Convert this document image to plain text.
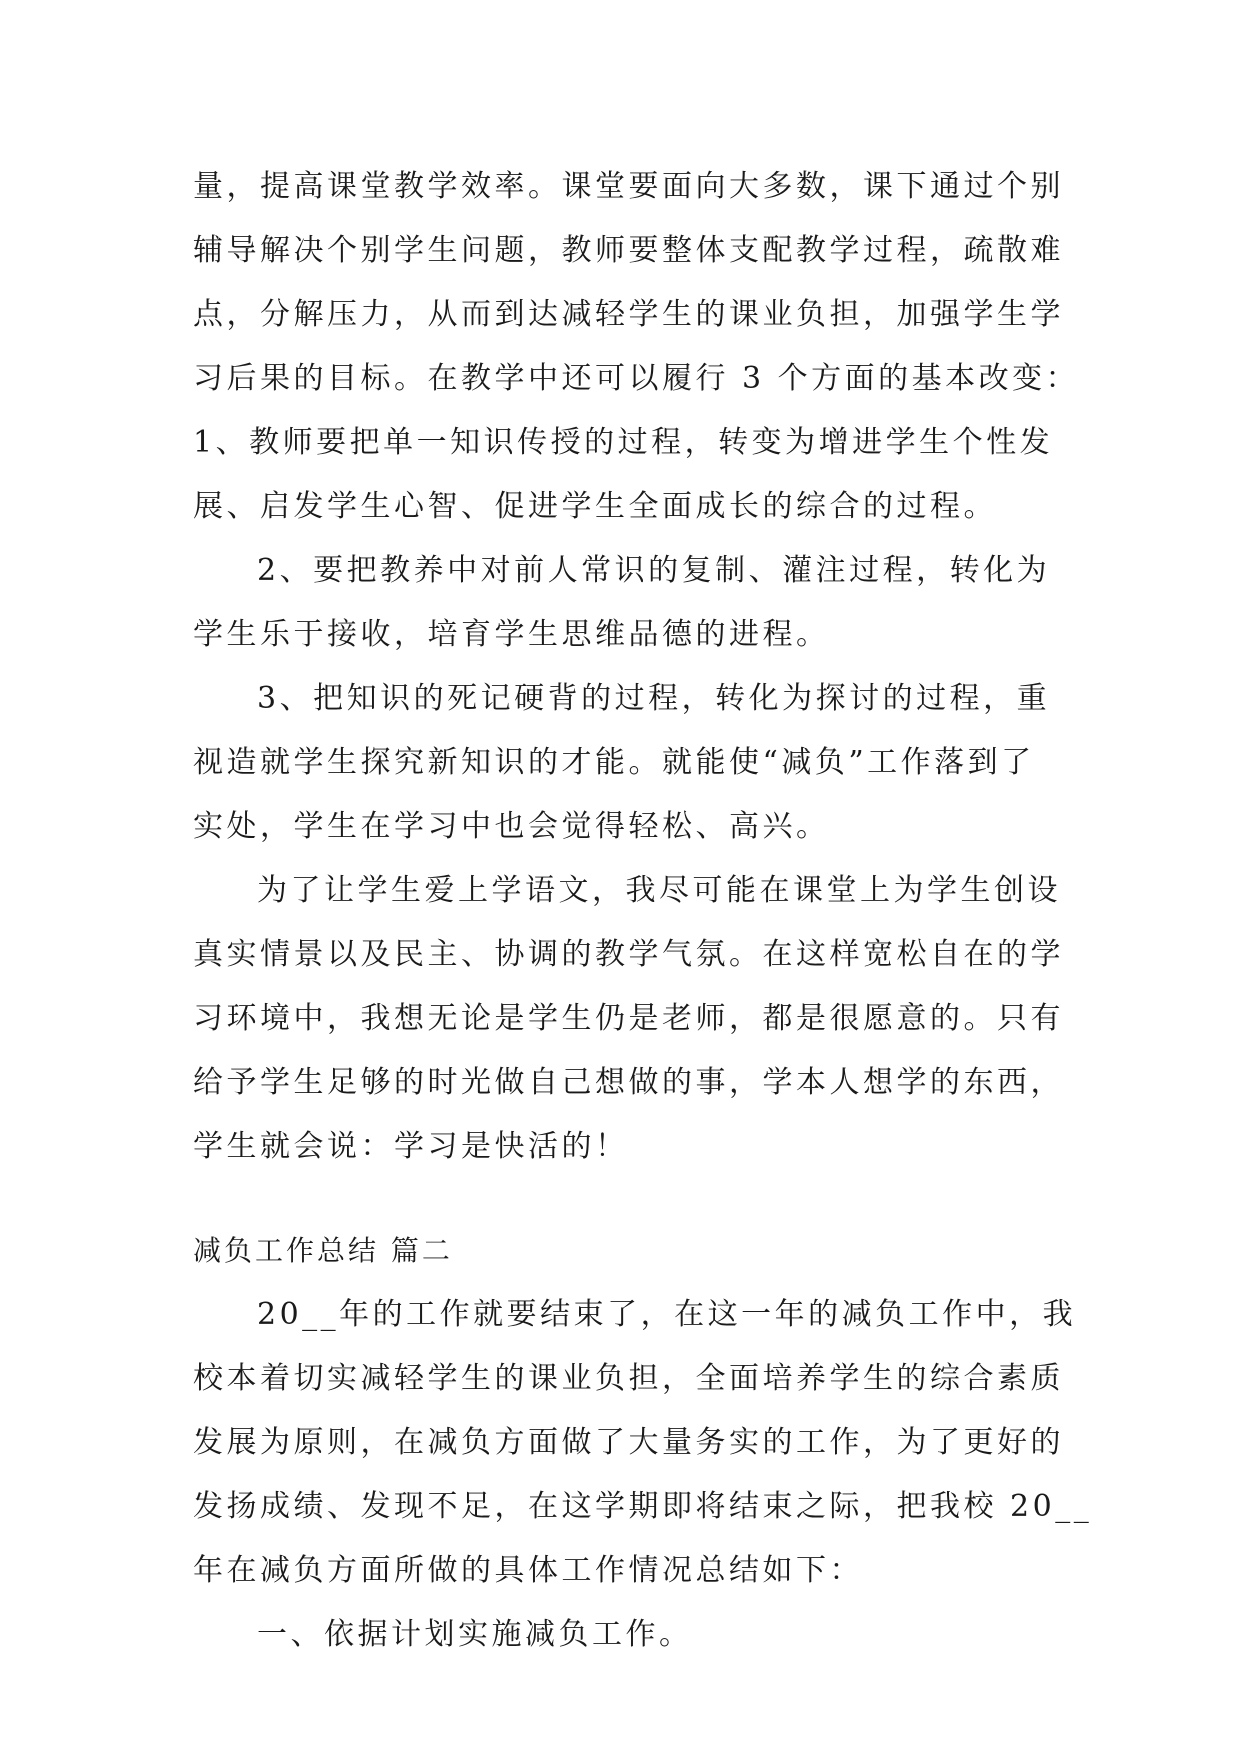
量，提高课堂教学效率。课堂要面向大多数，课下通过个别
辅导解决个别学生问题，教师要整体支配教学过程，疏散难
点，分解压力，从而到达减轻学生的课业负担，加强学生学
习后果的目标。在教学中还可以履行 3 个方面的基本改变：
1、教师要把单一知识传授的过程，转变为增进学生个性发
展、启发学生心智、促进学生全面成长的综合的过程。
2、要把教养中对前人常识的复制、灌注过程，转化为
学生乐于接收，培育学生思维品德的进程。
3、把知识的死记硬背的过程，转化为探讨的过程，重
视造就学生探究新知识的才能。就能使“减负”工作落到了
实处，学生在学习中也会觉得轻松、高兴。
为了让学生爱上学语文，我尽可能在课堂上为学生创设
真实情景以及民主、协调的教学气氛。在这样宽松自在的学
习环境中，我想无论是学生仍是老师，都是很愿意的。只有
给予学生足够的时光做自己想做的事，学本人想学的东西，
学生就会说：学习是快活的！
减负工作总结 篇二
20__年的工作就要结束了，在这一年的减负工作中，我
校本着切实减轻学生的课业负担，全面培养学生的综合素质
发展为原则，在减负方面做了大量务实的工作，为了更好的
发扬成绩、发现不足，在这学期即将结束之际，把我校 20__
年在减负方面所做的具体工作情况总结如下：
一、依据计划实施减负工作。
